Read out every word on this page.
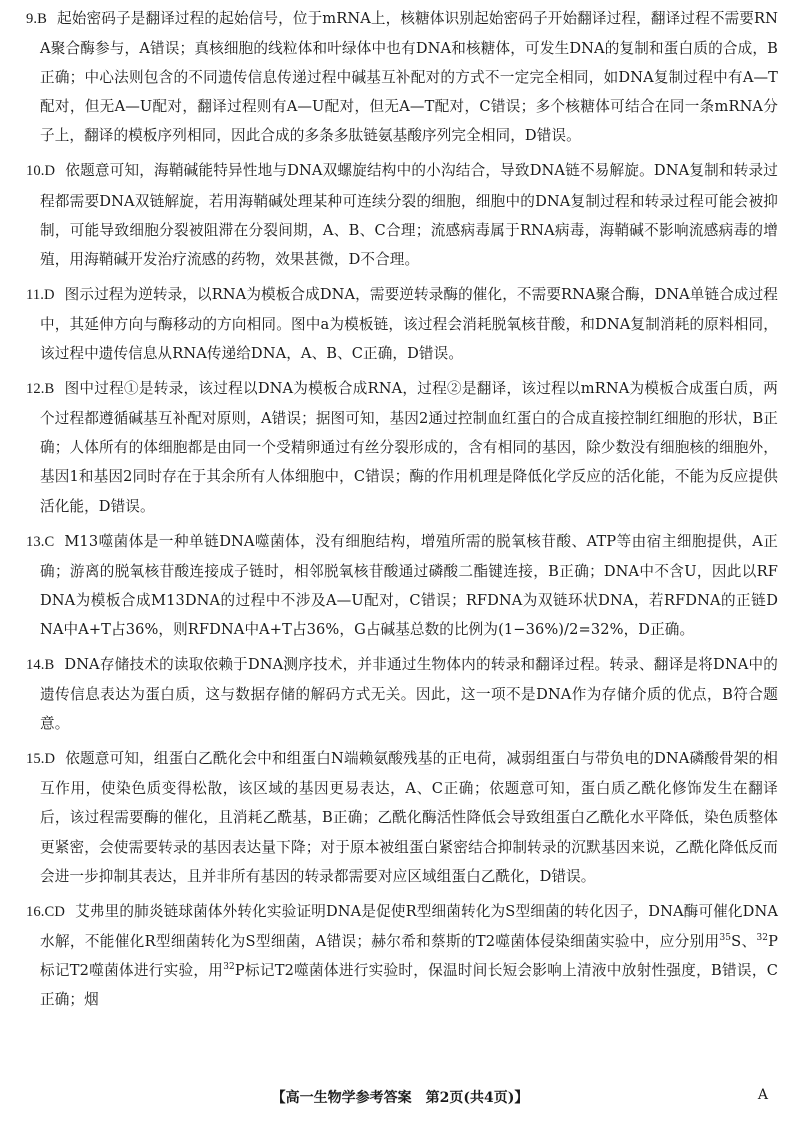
9.B 起始密码子是翻译过程的起始信号，位于mRNA上，核糖体识别起始密码子开始翻译过程，翻译过程不需要RNA聚合酶参与，A错误；真核细胞的线粒体和叶绿体中也有DNA和核糖体，可发生DNA的复制和蛋白质的合成，B正确；中心法则包含的不同遗传信息传递过程中碱基互补配对的方式不一定完全相同，如DNA复制过程中有A—T配对，但无A—U配对，翻译过程则有A—U配对，但无A—T配对，C错误；多个核糖体可结合在同一条mRNA分子上，翻译的模板序列相同，因此合成的多条多肽链氨基酸序列完全相同，D错误。

10.D 依题意可知，海鞘碱能特异性地与DNA双螺旋结构中的小沟结合，导致DNA链不易解旋。DNA复制和转录过程都需要DNA双链解旋，若用海鞘碱处理某种可连续分裂的细胞，细胞中的DNA复制过程和转录过程可能会被抑制，可能导致细胞分裂被阻滞在分裂间期，A、B、C合理；流感病毒属于RNA病毒，海鞘碱不影响流感病毒的增殖，用海鞘碱开发治疗流感的药物，效果甚微，D不合理。

11.D 图示过程为逆转录，以RNA为模板合成DNA，需要逆转录酶的催化，不需要RNA聚合酶，DNA单链合成过程中，其延伸方向与酶移动的方向相同。图中a为模板链，该过程会消耗脱氧核苷酸，和DNA复制消耗的原料相同，该过程中遗传信息从RNA传递给DNA，A、B、C正确，D错误。

12.B 图中过程①是转录，该过程以DNA为模板合成RNA，过程②是翻译，该过程以mRNA为模板合成蛋白质，两个过程都遵循碱基互补配对原则，A错误；据图可知，基因2通过控制血红蛋白的合成直接控制红细胞的形状，B正确；人体所有的体细胞都是由同一个受精卵通过有丝分裂形成的，含有相同的基因，除少数没有细胞核的细胞外，基因1和基因2同时存在于其余所有人体细胞中，C错误；酶的作用机理是降低化学反应的活化能，不能为反应提供活化能，D错误。

13.C M13噬菌体是一种单链DNA噬菌体，没有细胞结构，增殖所需的脱氧核苷酸、ATP等由宿主细胞提供，A正确；游离的脱氧核苷酸连接成子链时，相邻脱氧核苷酸通过磷酸二酯键连接，B正确；DNA中不含U，因此以RFDNA为模板合成M13DNA的过程中不涉及A—U配对，C错误；RFDNA为双链环状DNA，若RFDNA的正链DNA中A+T占36%，则RFDNA中A+T占36%，G占碱基总数的比例为(1−36%)/2=32%，D正确。

14.B DNA存储技术的读取依赖于DNA测序技术，并非通过生物体内的转录和翻译过程。转录、翻译是将DNA中的遗传信息表达为蛋白质，这与数据存储的解码方式无关。因此，这一项不是DNA作为存储介质的优点，B符合题意。

15.D 依题意可知，组蛋白乙酰化会中和组蛋白N端赖氨酸残基的正电荷，减弱组蛋白与带负电的DNA磷酸骨架的相互作用，使染色质变得松散，该区域的基因更易表达，A、C正确；依题意可知，蛋白质乙酰化修饰发生在翻译后，该过程需要酶的催化，且消耗乙酰基，B正确；乙酰化酶活性降低会导致组蛋白乙酰化水平降低，染色质整体更紧密，会使需要转录的基因表达量下降；对于原本被组蛋白紧密结合抑制转录的沉默基因来说，乙酰化降低反而会进一步抑制其表达，且并非所有基因的转录都需要对应区域组蛋白乙酰化，D错误。

16.CD 艾弗里的肺炎链球菌体外转化实验证明DNA是促使R型细菌转化为S型细菌的转化因子，DNA酶可催化DNA水解，不能催化R型细菌转化为S型细菌，A错误；赫尔希和蔡斯的T2噬菌体侵染细菌实验中，应分别用$^{35}$S、$^{32}$P标记T2噬菌体进行实验，用$^{32}$P标记T2噬菌体进行实验时，保温时间长短会影响上清液中放射性强度，B错误，C正确；烟

【高一生物学参考答案　第2页(共4页)】	A
